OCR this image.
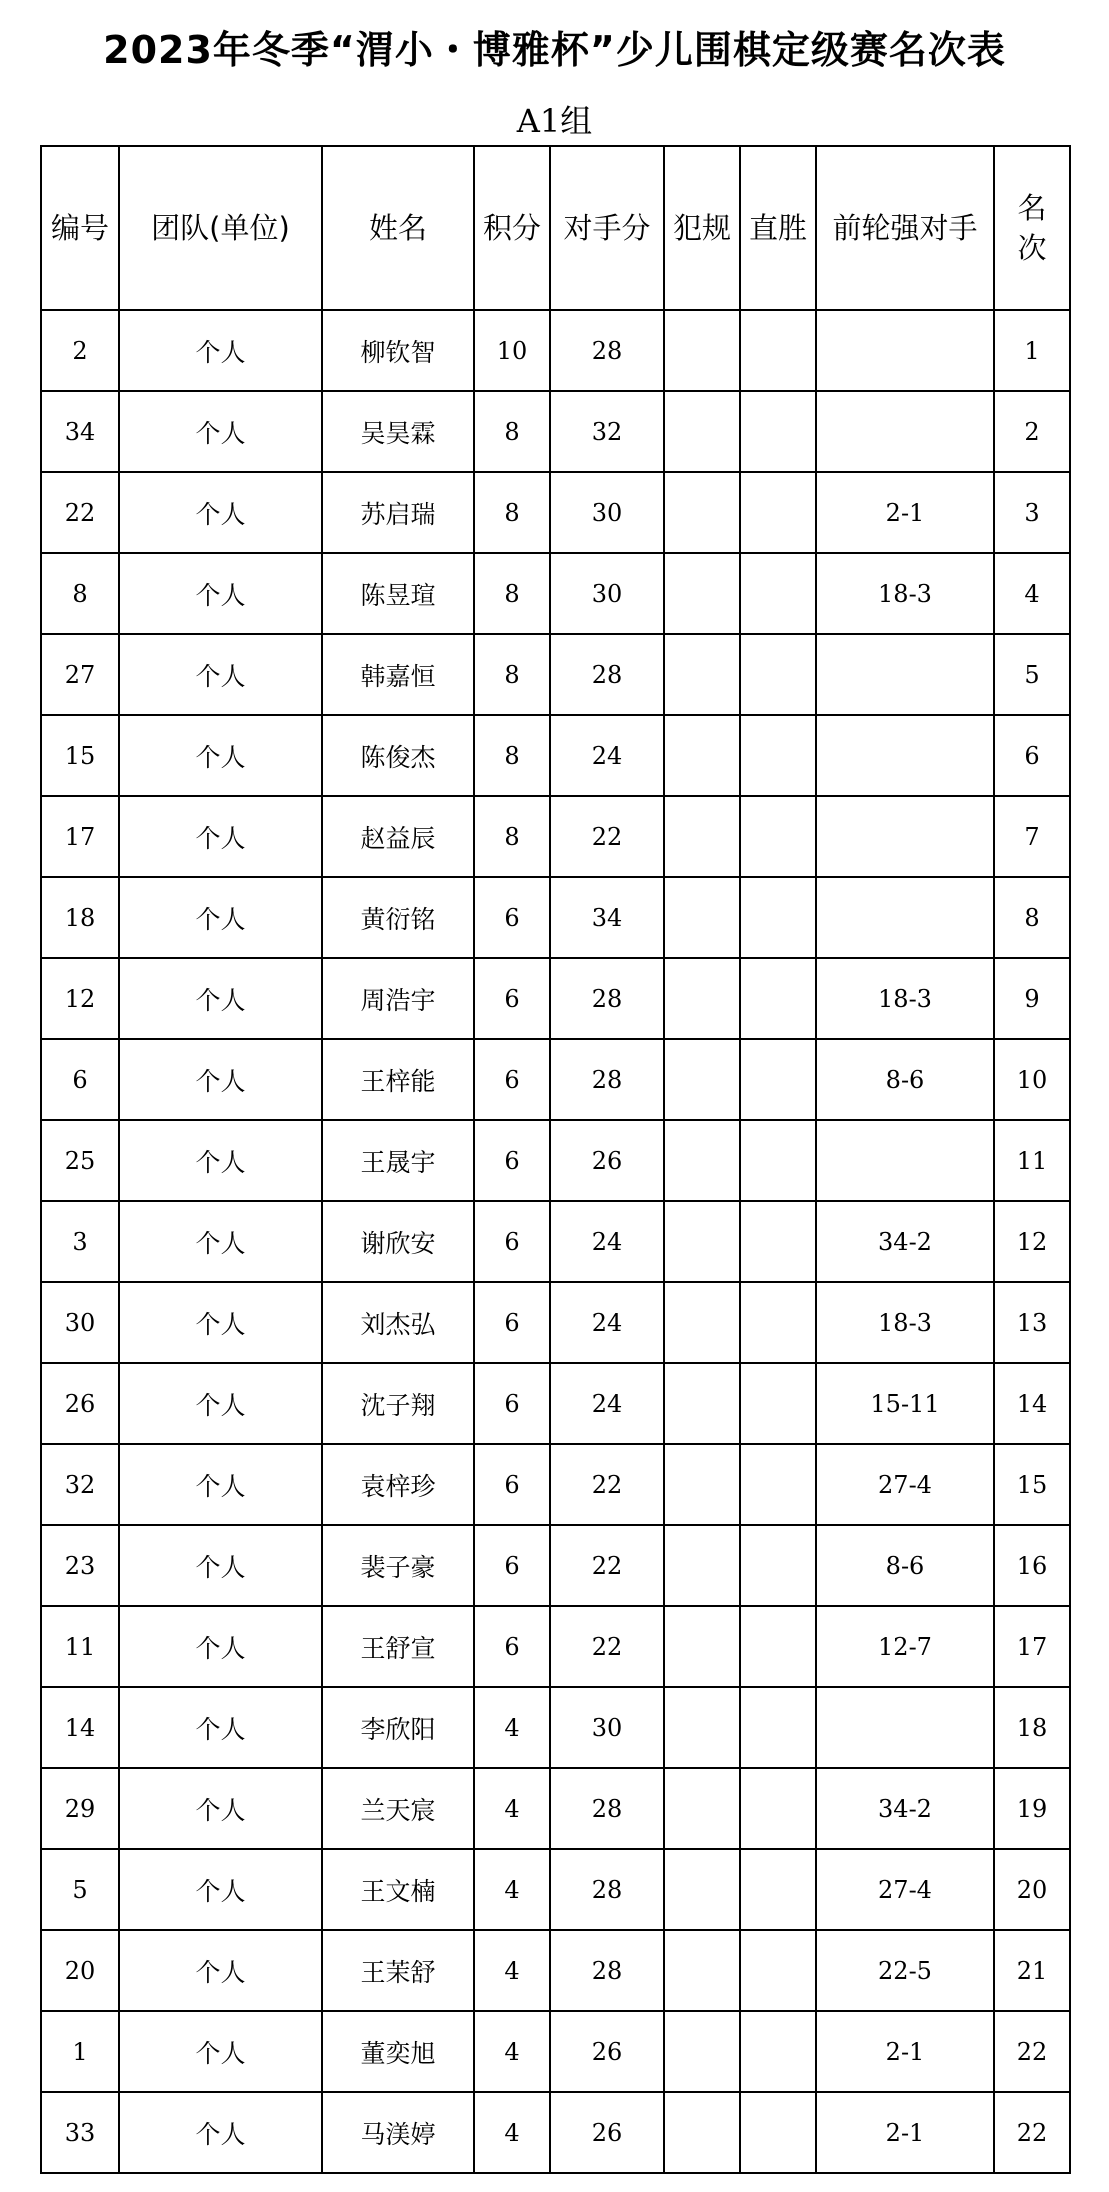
2023年冬季“渭小・博雅杯”少儿围棋定级赛名次表
A1组
编号	团队(单位)	姓名	积分	对手分	犯规	直胜	前轮强对手	名次
2	个人	柳钦智	10	28				1
34	个人	吴昊霖	8	32				2
22	个人	苏启瑞	8	30			2-1	3
8	个人	陈昱瑄	8	30			18-3	4
27	个人	韩嘉恒	8	28				5
15	个人	陈俊杰	8	24				6
17	个人	赵益辰	8	22				7
18	个人	黄衍铭	6	34				8
12	个人	周浩宇	6	28			18-3	9
6	个人	王梓能	6	28			8-6	10
25	个人	王晟宇	6	26				11
3	个人	谢欣安	6	24			34-2	12
30	个人	刘杰弘	6	24			18-3	13
26	个人	沈子翔	6	24			15-11	14
32	个人	袁梓珍	6	22			27-4	15
23	个人	裴子豪	6	22			8-6	16
11	个人	王舒宣	6	22			12-7	17
14	个人	李欣阳	4	30				18
29	个人	兰天宸	4	28			34-2	19
5	个人	王文楠	4	28			27-4	20
20	个人	王茉舒	4	28			22-5	21
1	个人	董奕旭	4	26			2-1	22
33	个人	马渼婷	4	26			2-1	22
